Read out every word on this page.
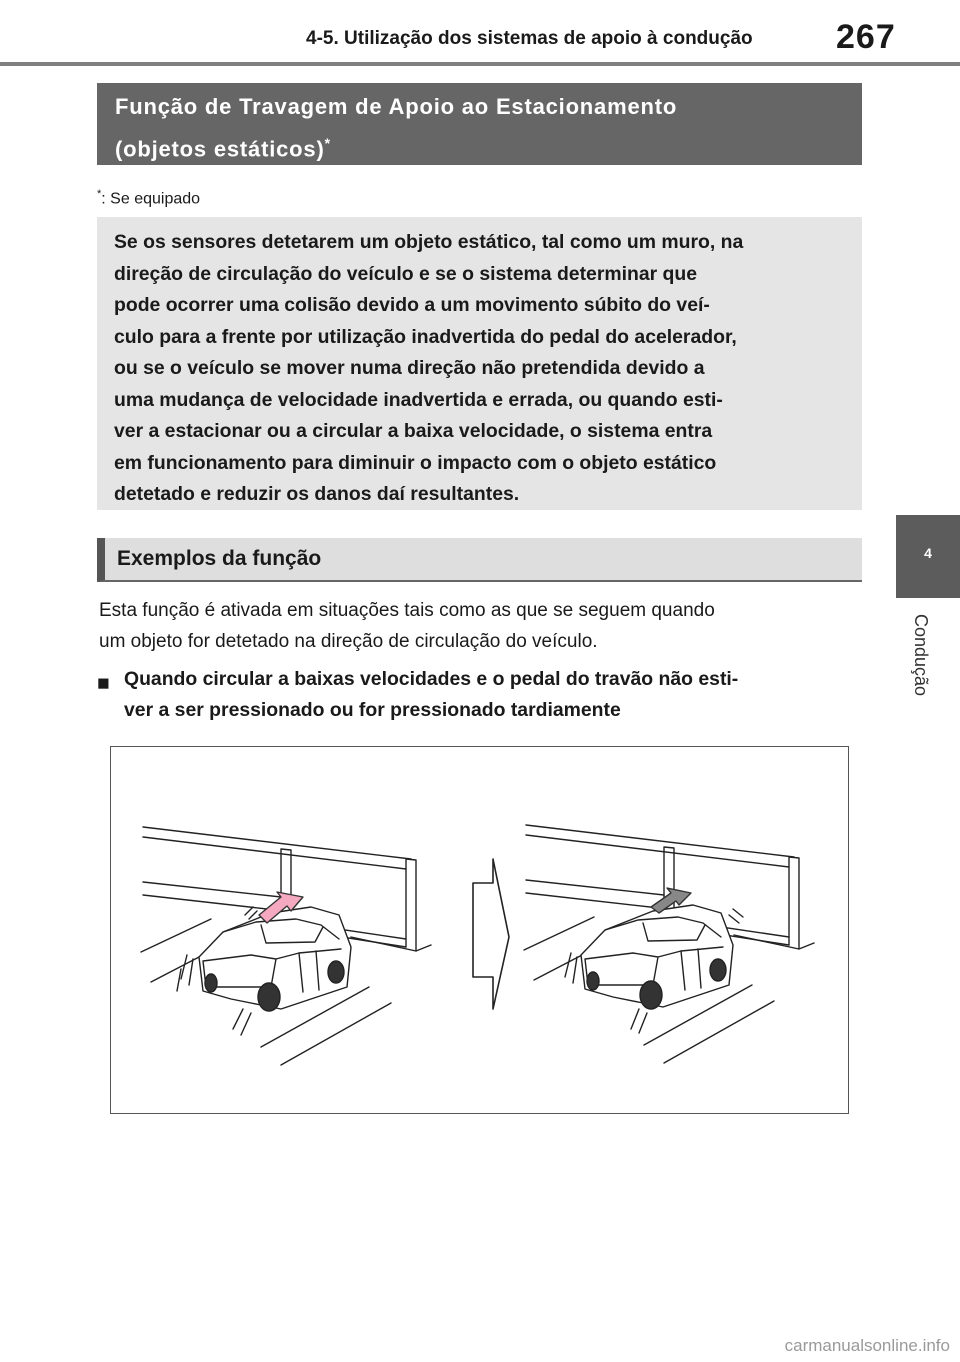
4-5. Utilização dos sistemas de apoio à condução 267
4
Condução
Função de Travagem de Apoio ao Estacionamento
(objetos estáticos)*
*: Se equipado

Se os sensores detetarem um objeto estático, tal como um muro, na

direção de circulação do veículo e se o sistema determinar que

pode ocorrer uma colisão devido a um movimento súbito do veí-

culo para a frente por utilização inadvertida do pedal do acelerador,

ou se o veículo se mover numa direção não pretendida devido a

uma mudança de velocidade inadvertida e errada, ou quando esti-

ver a estacionar ou a circular a baixa velocidade, o sistema entra

em funcionamento para diminuir o impacto com o objeto estático

detetado e reduzir os danos daí resultantes.

Exemplos da função

Esta função é ativada em situações tais como as que se seguem quando

um objeto for detetado na direção de circulação do veículo.

■ Quando circular a baixas velocidades e o pedal do travão não esti-

ver a ser pressionado ou for pressionado tardiamente

carmanualsonline.info
